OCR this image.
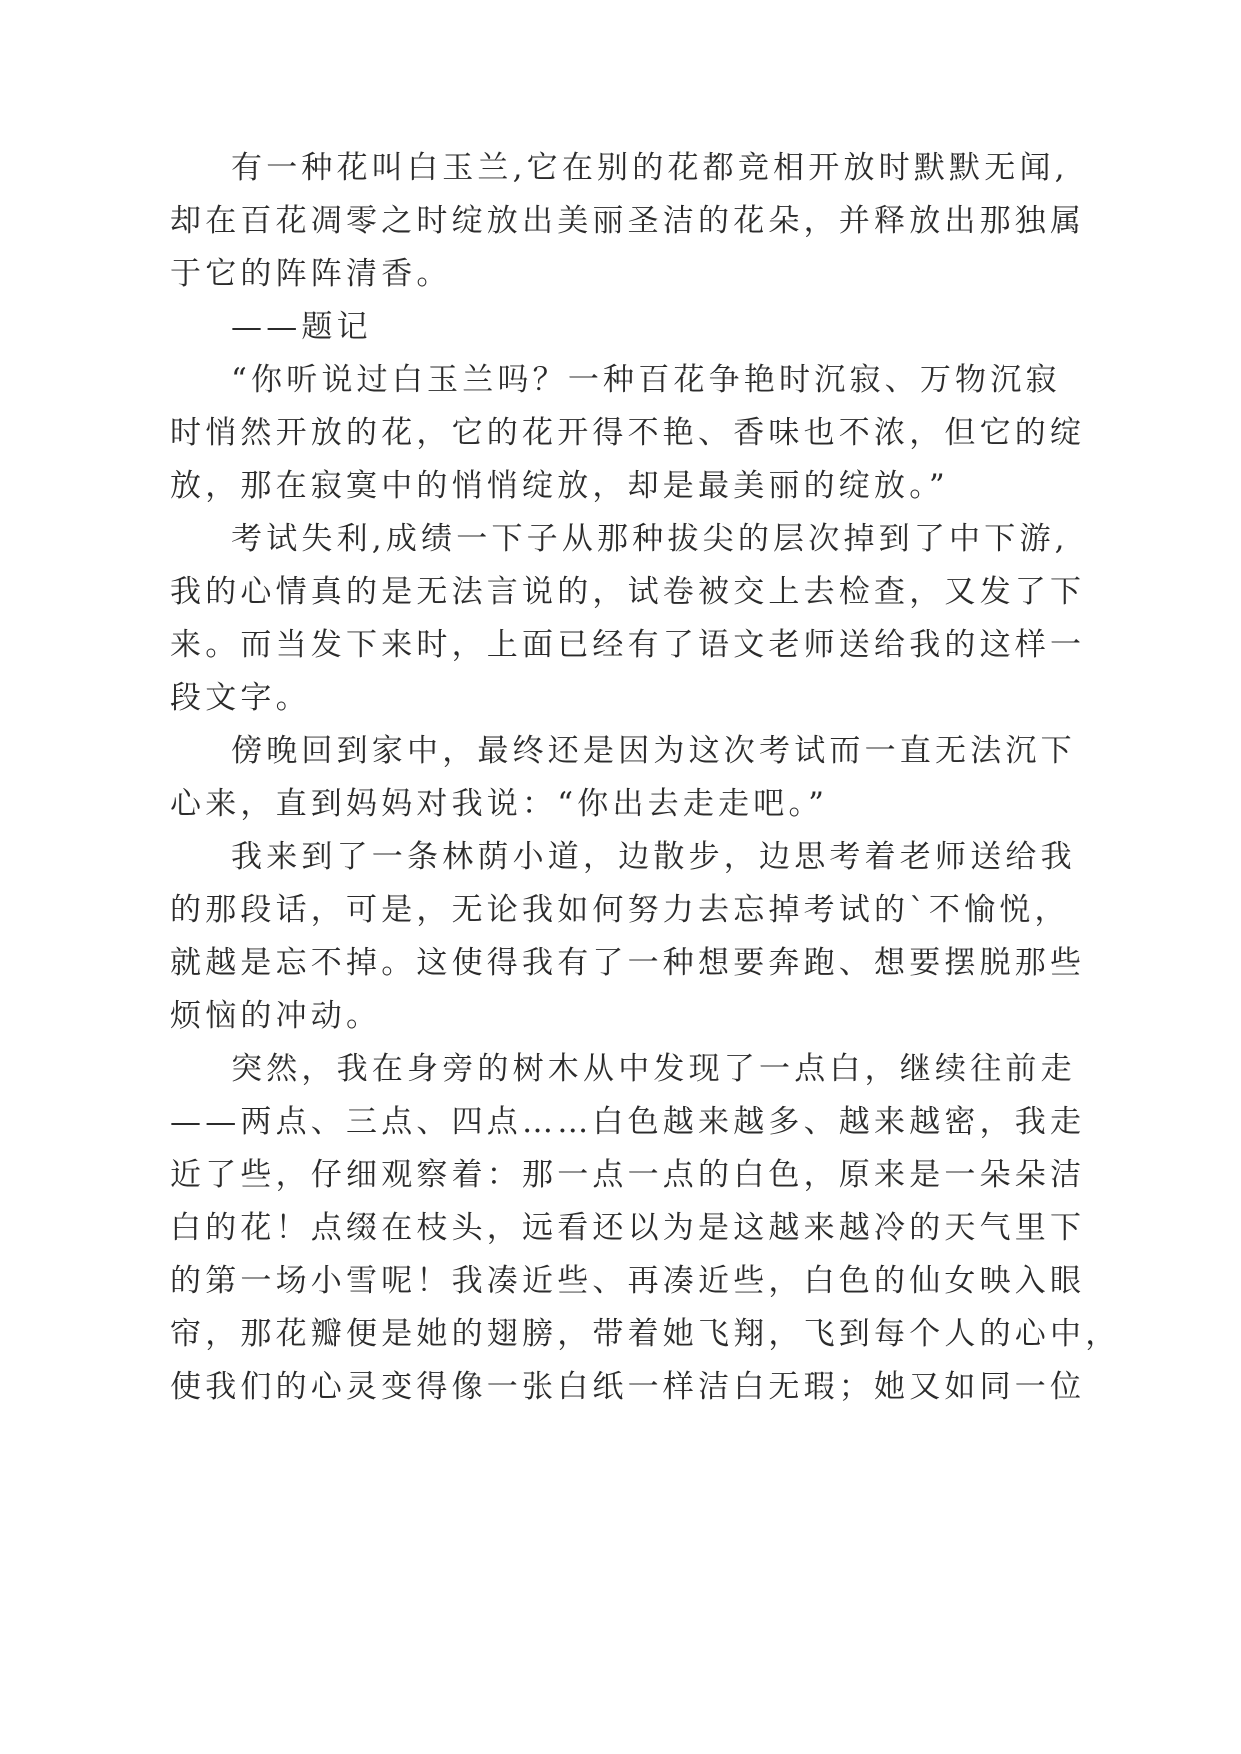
有一种花叫白玉兰,它在别的花都竞相开放时默默无闻,
却在百花凋零之时绽放出美丽圣洁的花朵，并释放出那独属
于它的阵阵清香。
——题记
“你听说过白玉兰吗？一种百花争艳时沉寂、万物沉寂
时悄然开放的花，它的花开得不艳、香味也不浓，但它的绽
放，那在寂寞中的悄悄绽放，却是最美丽的绽放。”
考试失利,成绩一下子从那种拔尖的层次掉到了中下游,
我的心情真的是无法言说的，试卷被交上去检查，又发了下
来。而当发下来时，上面已经有了语文老师送给我的这样一
段文字。
傍晚回到家中，最终还是因为这次考试而一直无法沉下
心来，直到妈妈对我说：“你出去走走吧。”
我来到了一条林荫小道，边散步，边思考着老师送给我
的那段话，可是，无论我如何努力去忘掉考试的`不愉悦，
就越是忘不掉。这使得我有了一种想要奔跑、想要摆脱那些
烦恼的冲动。
突然，我在身旁的树木从中发现了一点白，继续往前走
——两点、三点、四点……白色越来越多、越来越密，我走
近了些，仔细观察着：那一点一点的白色，原来是一朵朵洁
白的花！点缀在枝头，远看还以为是这越来越冷的天气里下
的第一场小雪呢！我凑近些、再凑近些，白色的仙女映入眼
帘，那花瓣便是她的翅膀，带着她飞翔，飞到每个人的心中，
使我们的心灵变得像一张白纸一样洁白无瑕；她又如同一位
